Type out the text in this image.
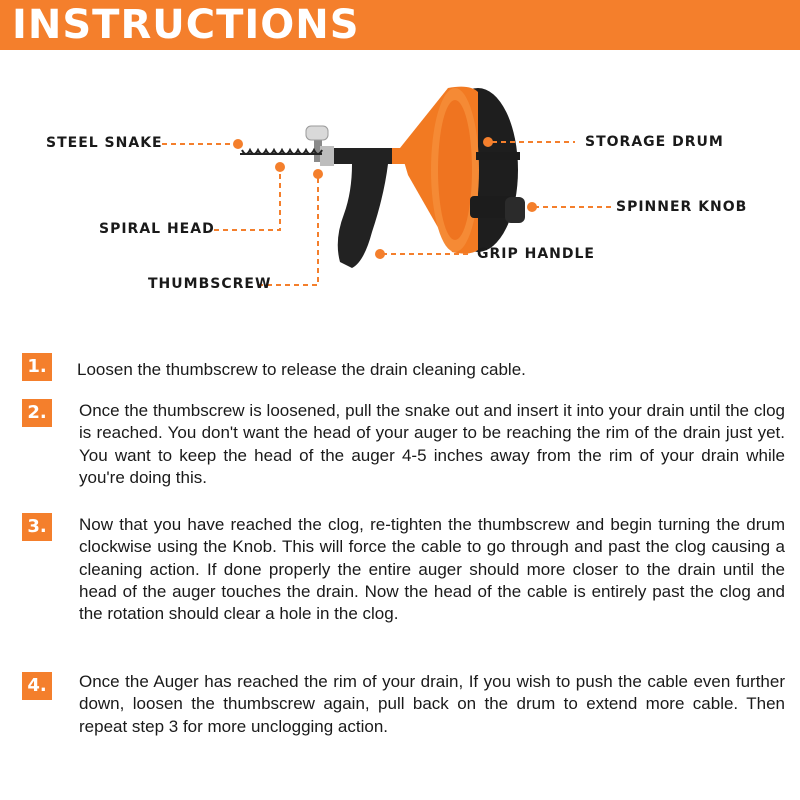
INSTRUCTIONS

STEEL SNAKE

SPIRAL HEAD

THUMBSCREW

STORAGE DRUM

SPINNER KNOB

GRIP HANDLE

1.	Loosen the thumbscrew to release the drain cleaning cable.

2.	Once the thumbscrew is loosened, pull the snake out and insert it into your drain until the clog is reached. You don't want the head of your auger to be reaching the rim of the drain just yet. You want to keep the head of the auger 4-5 inches away from the rim of your drain while you're doing this.

3.	Now that you have reached the clog, re-tighten the thumbscrew and begin turning the drum clockwise using the Knob. This will force the cable to go through and past the clog causing a cleaning action. If done properly the entire auger should more closer to the drain until the head of the auger touches the drain. Now the head of the cable is entirely past the clog and the rotation should clear a hole in the clog.

4.	Once the Auger has reached the rim of your drain, If you wish to push the cable even further down, loosen the thumbscrew again, pull back on the drum to extend more cable. Then repeat step 3 for more unclogging action.
